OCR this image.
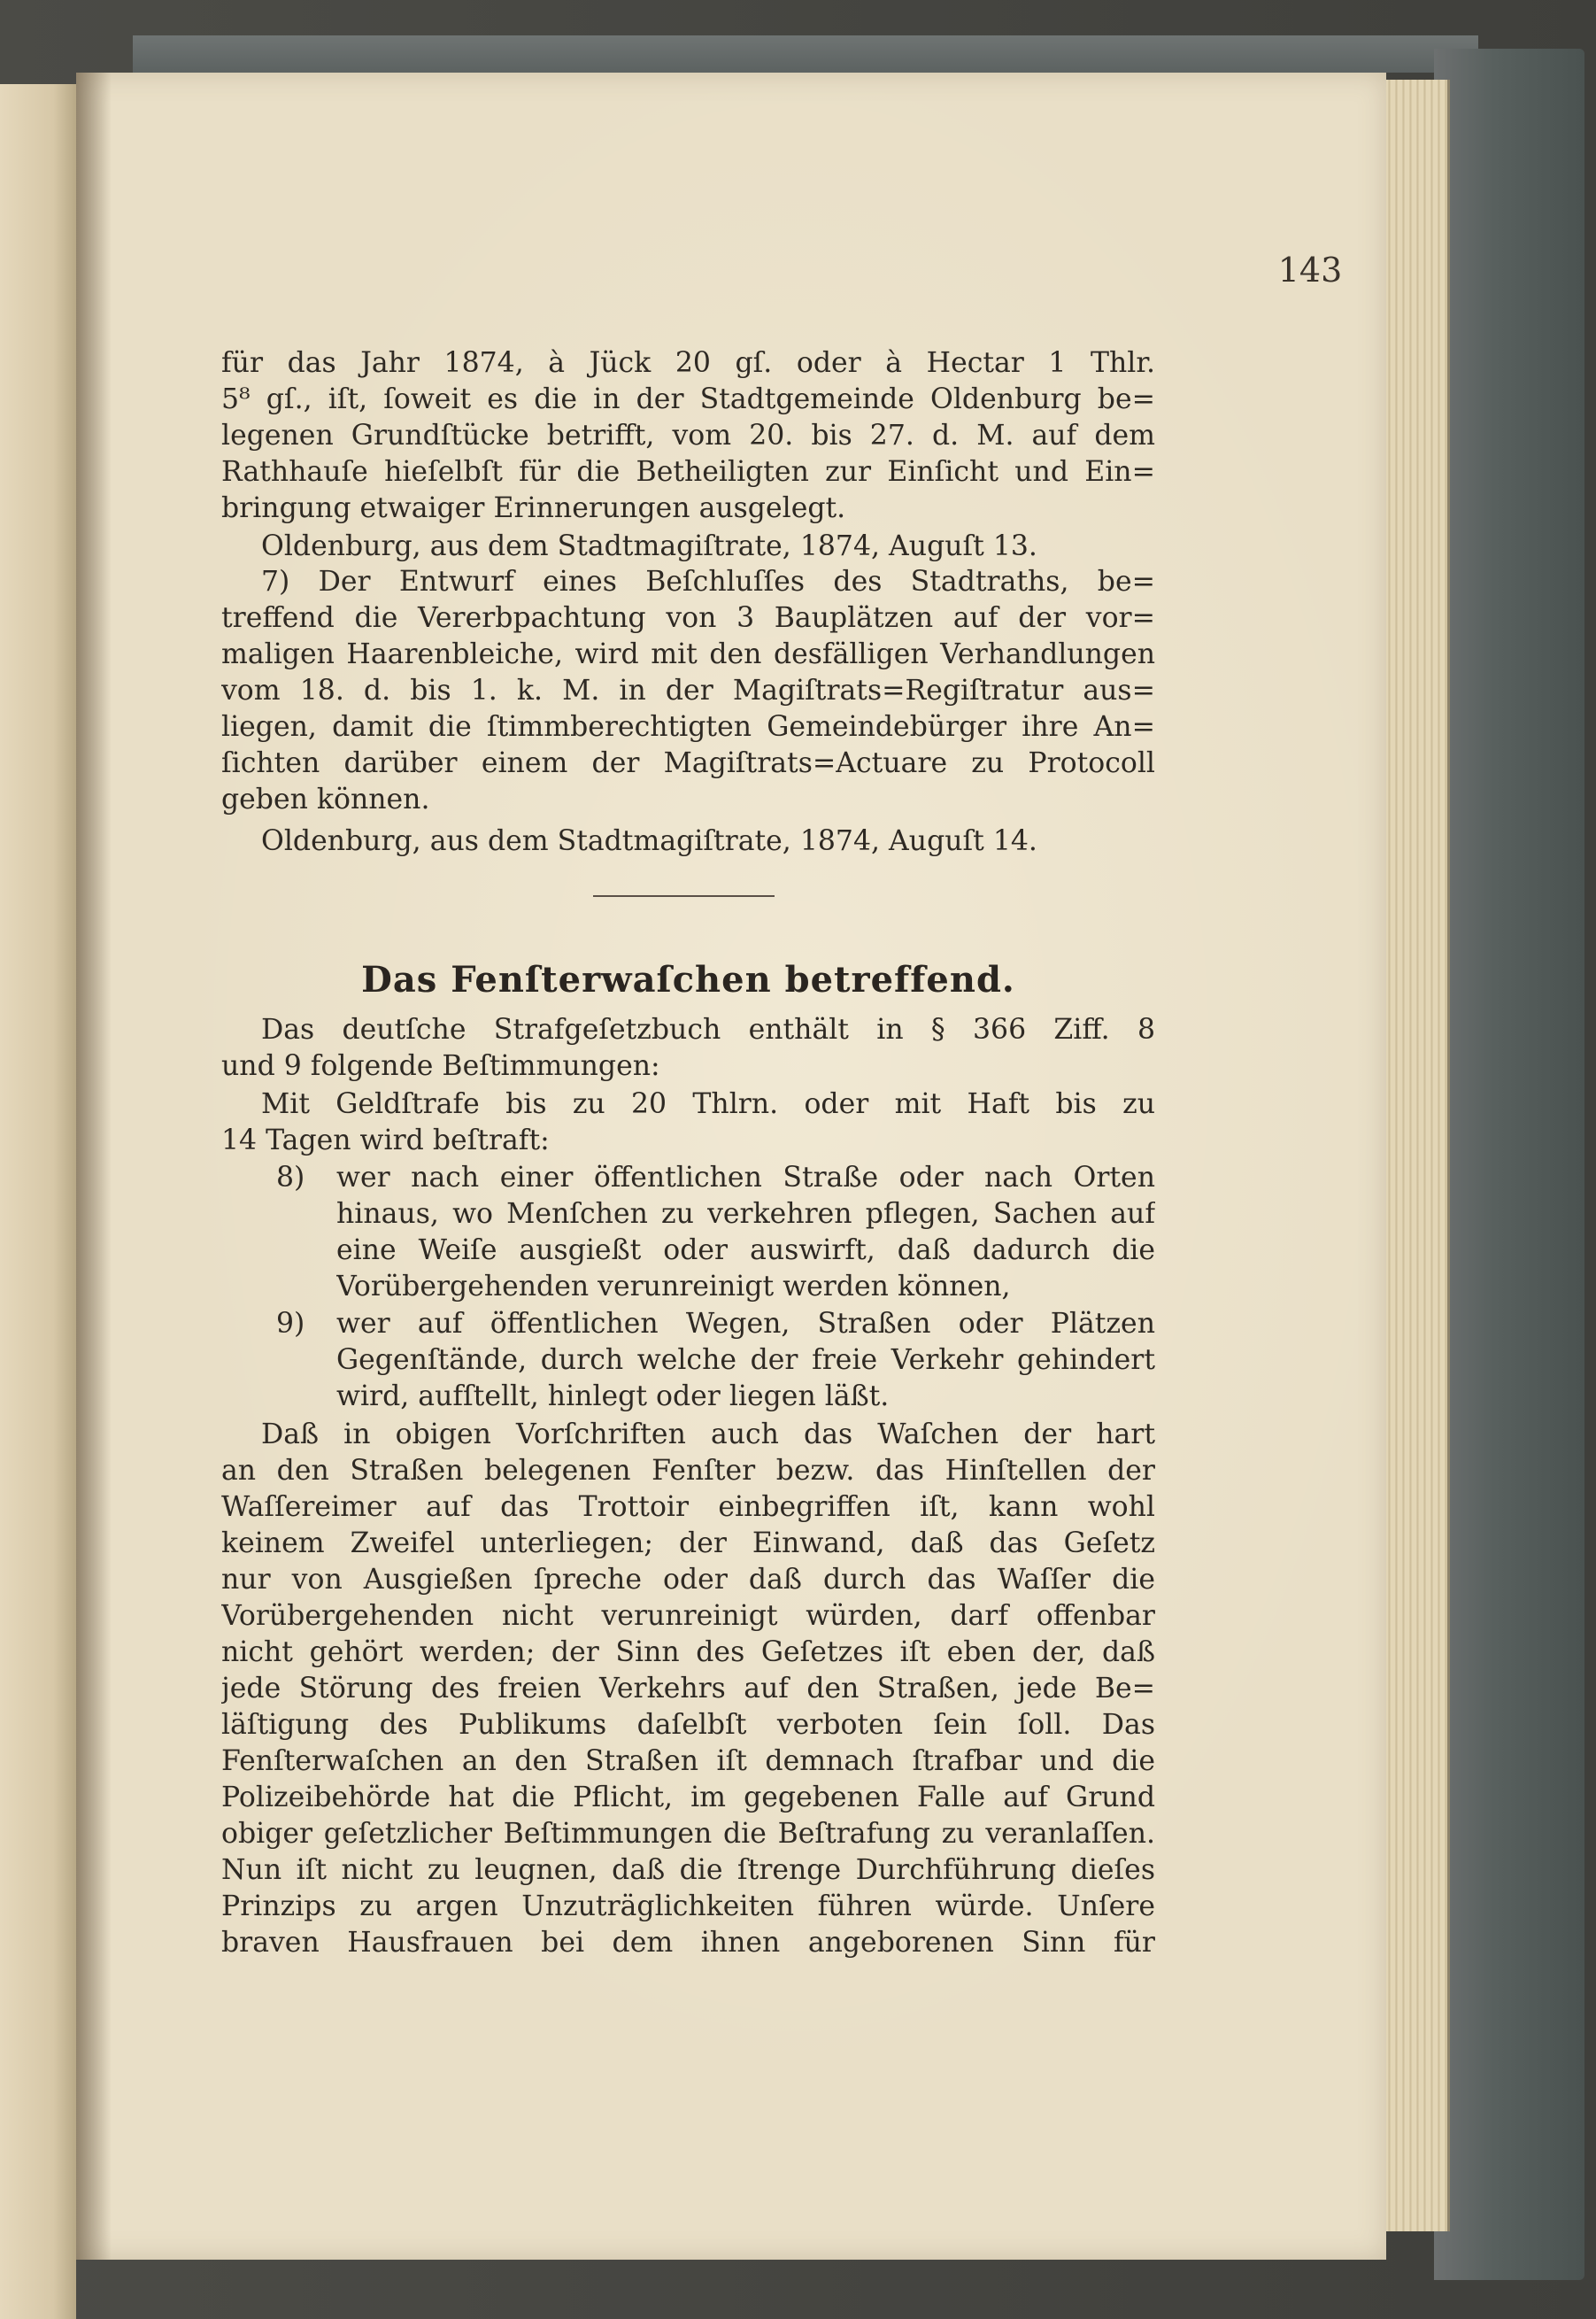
143
für das Jahr 1874, à Jück 20 gſ. oder à Hectar 1 Thlr.
5⁸ gſ., iſt, ſoweit es die in der Stadtgemeinde Oldenburg be=
legenen Grundſtücke betrifft, vom 20. bis 27. d. M. auf dem
Rathhauſe hieſelbſt für die Betheiligten zur Einſicht und Ein=
bringung etwaiger Erinnerungen ausgelegt.
Oldenburg, aus dem Stadtmagiſtrate, 1874, Auguſt 13.
7) Der Entwurf eines Beſchluſſes des Stadtraths, be=
treffend die Vererbpachtung von 3 Bauplätzen auf der vor=
maligen Haarenbleiche, wird mit den desfälligen Verhandlungen
vom 18. d. bis 1. k. M. in der Magiſtrats=Regiſtratur aus=
liegen, damit die ſtimmberechtigten Gemeindebürger ihre An=
ſichten darüber einem der Magiſtrats=Actuare zu Protocoll
geben können.
Oldenburg, aus dem Stadtmagiſtrate, 1874, Auguſt 14.
Das Fenſterwaſchen betreffend.
Das deutſche Strafgeſetzbuch enthält in § 366 Ziff. 8
und 9 folgende Beſtimmungen:
Mit Geldſtrafe bis zu 20 Thlrn. oder mit Haft bis zu
14 Tagen wird beſtraft:
8) wer nach einer öffentlichen Straße oder nach Orten
hinaus, wo Menſchen zu verkehren pflegen, Sachen auf
eine Weiſe ausgießt oder auswirft, daß dadurch die
Vorübergehenden verunreinigt werden können,
9) wer auf öffentlichen Wegen, Straßen oder Plätzen
Gegenſtände, durch welche der freie Verkehr gehindert
wird, aufſtellt, hinlegt oder liegen läßt.
Daß in obigen Vorſchriften auch das Waſchen der hart
an den Straßen belegenen Fenſter bezw. das Hinſtellen der
Waſſereimer auf das Trottoir einbegriffen iſt, kann wohl
keinem Zweifel unterliegen; der Einwand, daß das Geſetz
nur von Ausgießen ſpreche oder daß durch das Waſſer die
Vorübergehenden nicht verunreinigt würden, darf offenbar
nicht gehört werden; der Sinn des Geſetzes iſt eben der, daß
jede Störung des freien Verkehrs auf den Straßen, jede Be=
läſtigung des Publikums daſelbſt verboten ſein ſoll. Das
Fenſterwaſchen an den Straßen iſt demnach ſtrafbar und die
Polizeibehörde hat die Pflicht, im gegebenen Falle auf Grund
obiger geſetzlicher Beſtimmungen die Beſtrafung zu veranlaſſen.
Nun iſt nicht zu leugnen, daß die ſtrenge Durchführung dieſes
Prinzips zu argen Unzuträglichkeiten führen würde. Unſere
braven Hausfrauen bei dem ihnen angeborenen Sinn für
